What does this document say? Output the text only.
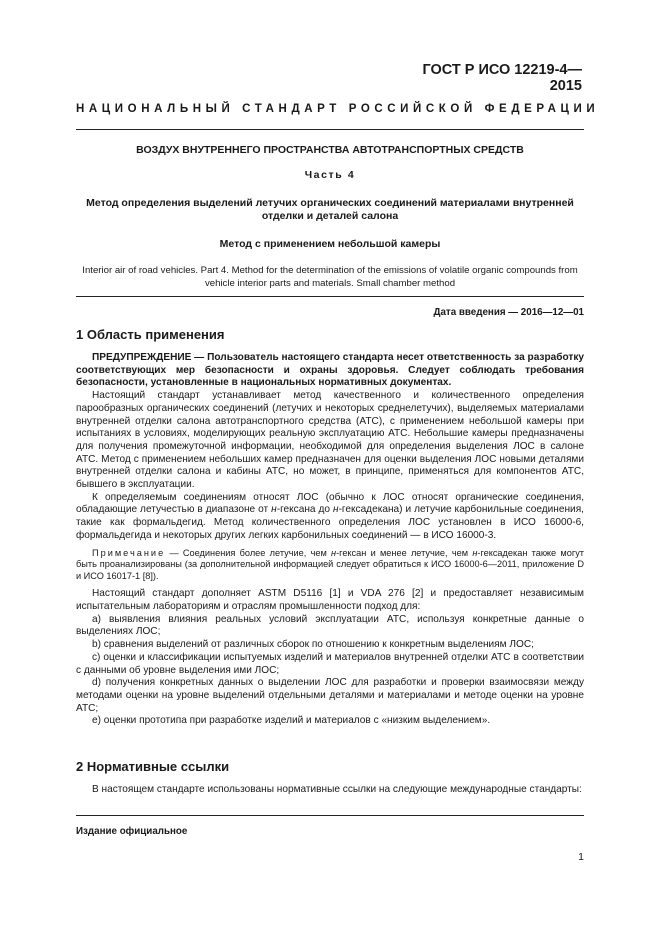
ГОСТ Р ИСО 12219-4—2015
НАЦИОНАЛЬНЫЙ СТАНДАРТ РОССИЙСКОЙ ФЕДЕРАЦИИ
ВОЗДУХ ВНУТРЕННЕГО ПРОСТРАНСТВА АВТОТРАНСПОРТНЫХ СРЕДСТВ
Часть 4
Метод определения выделений летучих органических соединений материалами внутренней отделки и деталей салона
Метод с применением небольшой камеры
Interior air of road vehicles. Part 4. Method for the determination of the emissions of volatile organic compounds from vehicle interior parts and materials. Small chamber method
Дата введения — 2016—12—01
1 Область применения

ПРЕДУПРЕЖДЕНИЕ — Пользователь настоящего стандарта несет ответственность за разработку соответствующих мер безопасности и охраны здоровья. Следует соблюдать требования безопасности, установленные в национальных нормативных документах.

Настоящий стандарт устанавливает метод качественного и количественного определения парообразных органических соединений (летучих и некоторых среднелетучих), выделяемых материалами внутренней отделки салона автотранспортного средства (АТС), с применением небольшой камеры при испытаниях в условиях, моделирующих реальную эксплуатацию АТС. Небольшие камеры предназначены для получения промежуточной информации, необходимой для определения выделения ЛОС в салоне АТС. Метод с применением небольших камер предназначен для оценки выделения ЛОС новыми деталями внутренней отделки салона и кабины АТС, но может, в принципе, применяться для компонентов АТС, бывшего в эксплуатации.

К определяемым соединениям относят ЛОС (обычно к ЛОС относят органические соединения, обладающие летучестью в диапазоне от н-гексана до н-гексадекана) и летучие карбонильные соединения, такие как формальдегид. Метод количественного определения ЛОС установлен в ИСО 16000-6, формальдегида и некоторых других легких карбонильных соединений — в ИСО 16000-3.

Примечание — Соединения более летучие, чем н-гексан и менее летучие, чем н-гексадекан также могут быть проанализированы (за дополнительной информацией следует обратиться к ИСО 16000-6—2011, приложение D и ИСО 16017-1 [8]).

Настоящий стандарт дополняет ASTM D5116 [1] и VDA 276 [2] и предоставляет независимым испытательным лабораториям и отраслям промышленности подход для:

а) выявления влияния реальных условий эксплуатации АТС, используя конкретные данные о выделениях ЛОС;

b) сравнения выделений от различных сборок по отношению к конкретным выделениям ЛОС;

с) оценки и классификации испытуемых изделий и материалов внутренней отделки АТС в соответствии с данными об уровне выделения ими ЛОС;

d) получения конкретных данных о выделении ЛОС для разработки и проверки взаимосвязи между методами оценки на уровне выделений отдельными деталями и материалами и методе оценки на уровне АТС;

е) оценки прототипа при разработке изделий и материалов с «низким выделением».

2 Нормативные ссылки

В настоящем стандарте использованы нормативные ссылки на следующие международные стандарты:

Издание официальное
1
